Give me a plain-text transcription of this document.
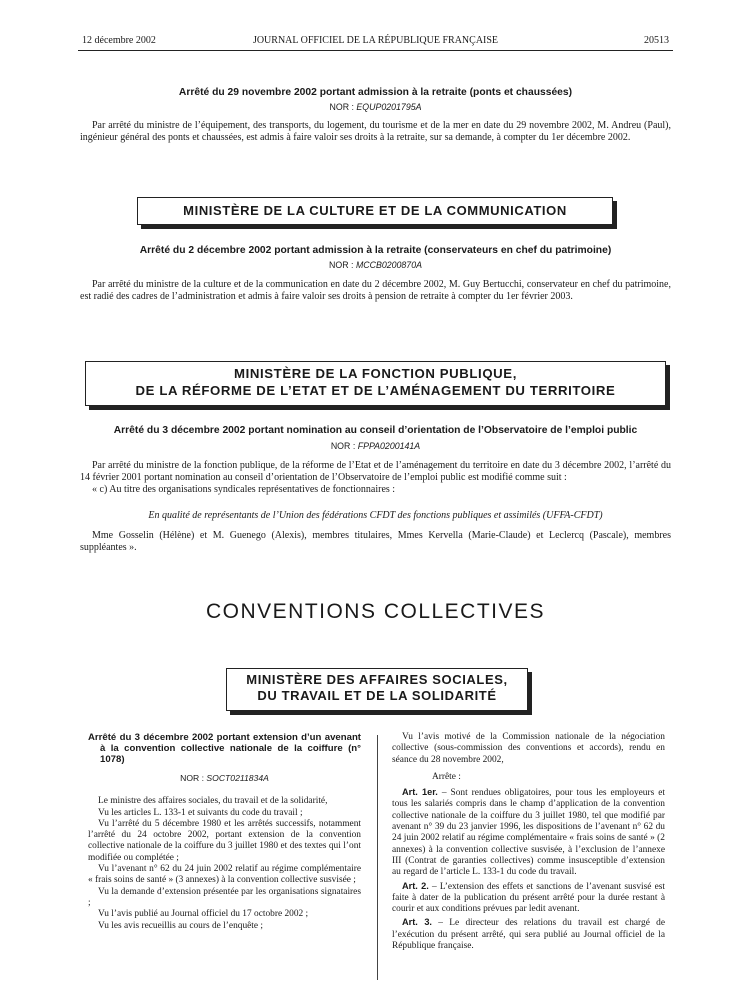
12 décembre 2002	JOURNAL OFFICIEL DE LA RÉPUBLIQUE FRANÇAISE	20513
Arrêté du 29 novembre 2002 portant admission à la retraite (ponts et chaussées)
NOR : EQUP0201795A
Par arrêté du ministre de l’équipement, des transports, du logement, du tourisme et de la mer en date du 29 novembre 2002, M. Andreu (Paul), ingénieur général des ponts et chaussées, est admis à faire valoir ses droits à la retraite, sur sa demande, à compter du 1er décembre 2002.
MINISTÈRE DE LA CULTURE ET DE LA COMMUNICATION
Arrêté du 2 décembre 2002 portant admission à la retraite (conservateurs en chef du patrimoine)
NOR : MCCB0200870A
Par arrêté du ministre de la culture et de la communication en date du 2 décembre 2002, M. Guy Bertucchi, conservateur en chef du patrimoine, est radié des cadres de l’administration et admis à faire valoir ses droits à pension de retraite à compter du 1er février 2003.
MINISTÈRE DE LA FONCTION PUBLIQUE,
DE LA RÉFORME DE L’ETAT ET DE L’AMÉNAGEMENT DU TERRITOIRE
Arrêté du 3 décembre 2002 portant nomination au conseil d’orientation de l’Observatoire de l’emploi public
NOR : FPPA0200141A
Par arrêté du ministre de la fonction publique, de la réforme de l’Etat et de l’aménagement du territoire en date du 3 décembre 2002, l’arrêté du 14 février 2001 portant nomination au conseil d’orientation de l’Observatoire de l’emploi public est modifié comme suit :
« c) Au titre des organisations syndicales représentatives de fonctionnaires :
En qualité de représentants de l’Union des fédérations CFDT des fonctions publiques et assimilés (UFFA-CFDT)
Mme Gosselin (Hélène) et M. Guenego (Alexis), membres titulaires, Mmes Kervella (Marie-Claude) et Leclercq (Pascale), membres suppléantes ».
CONVENTIONS COLLECTIVES
MINISTÈRE DES AFFAIRES SOCIALES,
DU TRAVAIL ET DE LA SOLIDARITÉ

Arrêté du 3 décembre 2002 portant extension d’un avenant à la convention collective nationale de la coiffure (n° 1078)

NOR : SOCT0211834A

Le ministre des affaires sociales, du travail et de la solidarité,

Vu les articles L. 133-1 et suivants du code du travail ;

Vu l’arrêté du 5 décembre 1980 et les arrêtés successifs, notamment l’arrêté du 24 octobre 2002, portant extension de la convention collective nationale de la coiffure du 3 juillet 1980 et des textes qui l’ont modifiée ou complétée ;

Vu l’avenant n° 62 du 24 juin 2002 relatif au régime complémentaire « frais soins de santé » (3 annexes) à la convention collective susvisée ;

Vu la demande d’extension présentée par les organisations signataires ;

Vu l’avis publié au Journal officiel du 17 octobre 2002 ;

Vu les avis recueillis au cours de l’enquête ;

Vu l’avis motivé de la Commission nationale de la négociation collective (sous-commission des conventions et accords), rendu en séance du 28 novembre 2002,

Arrête :

Art. 1er. – Sont rendues obligatoires, pour tous les employeurs et tous les salariés compris dans le champ d’application de la convention collective nationale de la coiffure du 3 juillet 1980, tel que modifié par avenant n° 39 du 23 janvier 1996, les dispositions de l’avenant n° 62 du 24 juin 2002 relatif au régime complémentaire « frais soins de santé » (2 annexes) à la convention collective susvisée, à l’exclusion de l’annexe III (Contrat de garanties collectives) comme insusceptible d’extension au regard de l’article L. 133-1 du code du travail.

Art. 2. – L’extension des effets et sanctions de l’avenant susvisé est faite à dater de la publication du présent arrêté pour la durée restant à courir et aux conditions prévues par ledit avenant.

Art. 3. – Le directeur des relations du travail est chargé de l’exécution du présent arrêté, qui sera publié au Journal officiel de la République française.
